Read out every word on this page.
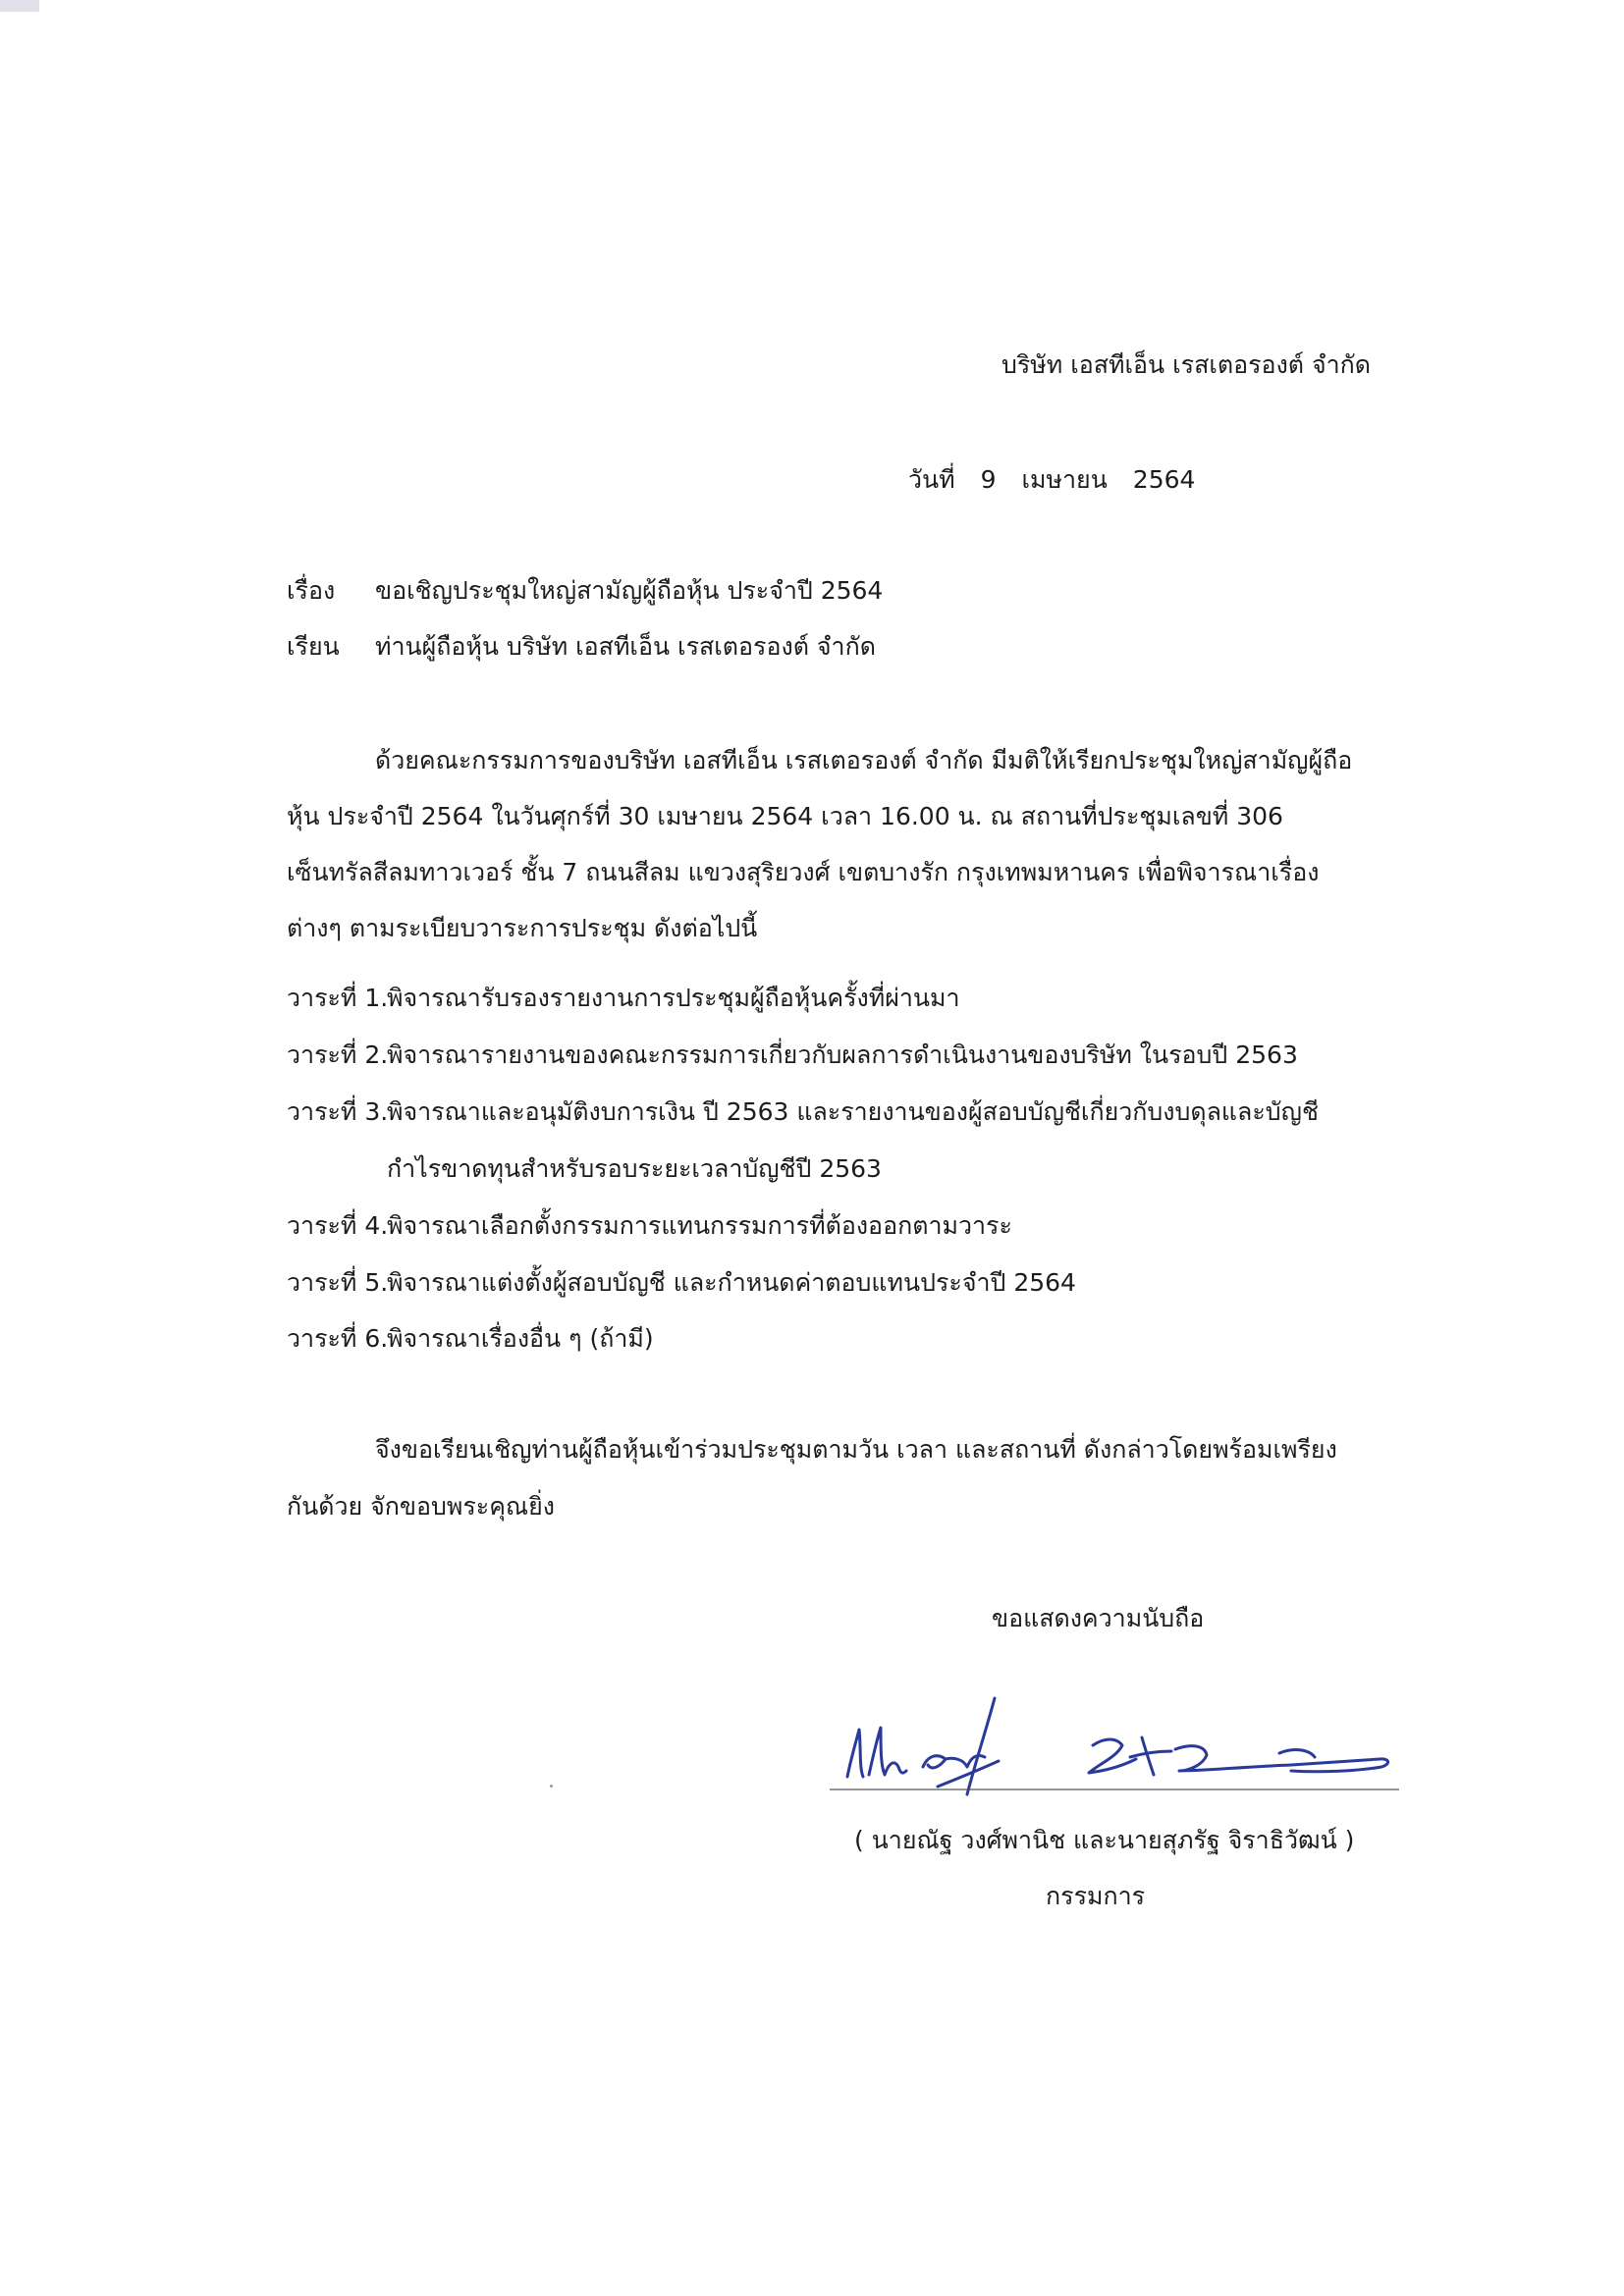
บริษัท เอสทีเอ็น เรสเตอรองต์ จำกัด
วันที่ 9 เมษายน 2564
เรื่อง ขอเชิญประชุมใหญ่สามัญผู้ถือหุ้น ประจำปี 2564
เรียน ท่านผู้ถือหุ้น บริษัท เอสทีเอ็น เรสเตอรองต์ จำกัด
ด้วยคณะกรรมการของบริษัท เอสทีเอ็น เรสเตอรองต์ จำกัด มีมติให้เรียกประชุมใหญ่สามัญผู้ถือ
หุ้น ประจำปี 2564 ในวันศุกร์ที่ 30 เมษายน 2564 เวลา 16.00 น. ณ สถานที่ประชุมเลขที่ 306
เซ็นทรัลสีลมทาวเวอร์ ชั้น 7 ถนนสีลม แขวงสุริยวงศ์ เขตบางรัก กรุงเทพมหานคร เพื่อพิจารณาเรื่อง
ต่างๆ ตามระเบียบวาระการประชุม ดังต่อไปนี้
วาระที่ 1.พิจารณารับรองรายงานการประชุมผู้ถือหุ้นครั้งที่ผ่านมา
วาระที่ 2.พิจารณารายงานของคณะกรรมการเกี่ยวกับผลการดำเนินงานของบริษัท ในรอบปี 2563
วาระที่ 3.พิจารณาและอนุมัติงบการเงิน ปี 2563 และรายงานของผู้สอบบัญชีเกี่ยวกับงบดุลและบัญชี
กำไรขาดทุนสำหรับรอบระยะเวลาบัญชีปี 2563
วาระที่ 4.พิจารณาเลือกตั้งกรรมการแทนกรรมการที่ต้องออกตามวาระ
วาระที่ 5.พิจารณาแต่งตั้งผู้สอบบัญชี และกำหนดค่าตอบแทนประจำปี 2564
วาระที่ 6.พิจารณาเรื่องอื่น ๆ (ถ้ามี)
จึงขอเรียนเชิญท่านผู้ถือหุ้นเข้าร่วมประชุมตามวัน เวลา และสถานที่ ดังกล่าวโดยพร้อมเพรียง
กันด้วย จักขอบพระคุณยิ่ง
ขอแสดงความนับถือ
( นายณัฐ วงศ์พานิช และนายสุภรัฐ จิราธิวัฒน์ )
กรรมการ
